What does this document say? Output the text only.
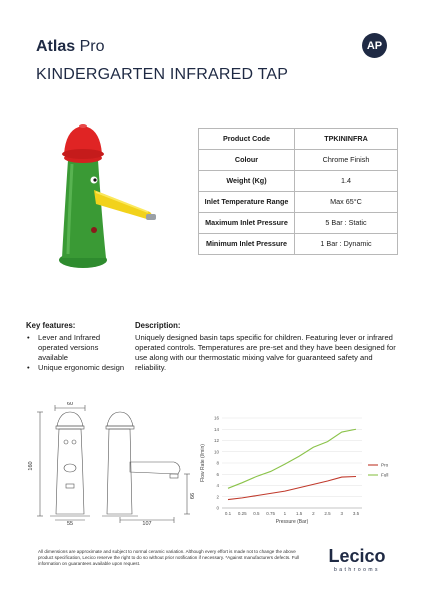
Atlas Pro	AP
KINDERGARTEN INFRARED TAP
Product Code	TPKININFRA
Colour	Chrome Finish
Weight (Kg)	1.4
Inlet Temperature Range	Max 65°C
Maximum Inlet Pressure	5 Bar : Static
Minimum Inlet Pressure	1 Bar : Dynamic
Key features:
• Lever and Infrared operated versions available
• Unique ergonomic design
Description:
Uniquely designed basin taps specific for children. Featuring lever or infrared operated controls. Temperatures are pre-set and they have been designed for use along with our thermostatic mixing valve for guaranteed safety and reliability.
60
55
160
66
107
0
2
4
6
8
10
12
14
16
0.1 0.25 0.5 0.75 1 1.5 2 2.5 3 3.5
Pressure (Bar)
Flow Rate (l/min)	Pro
Full
All dimensions are approximate and subject to normal ceramic variation. Although every effort is made not to change the above product specification, Lecico reserve the right to do so without prior notification if necessary. *Against manufacturers defects. Full information on guarantees available upon request.	Lecico
bathrooms
